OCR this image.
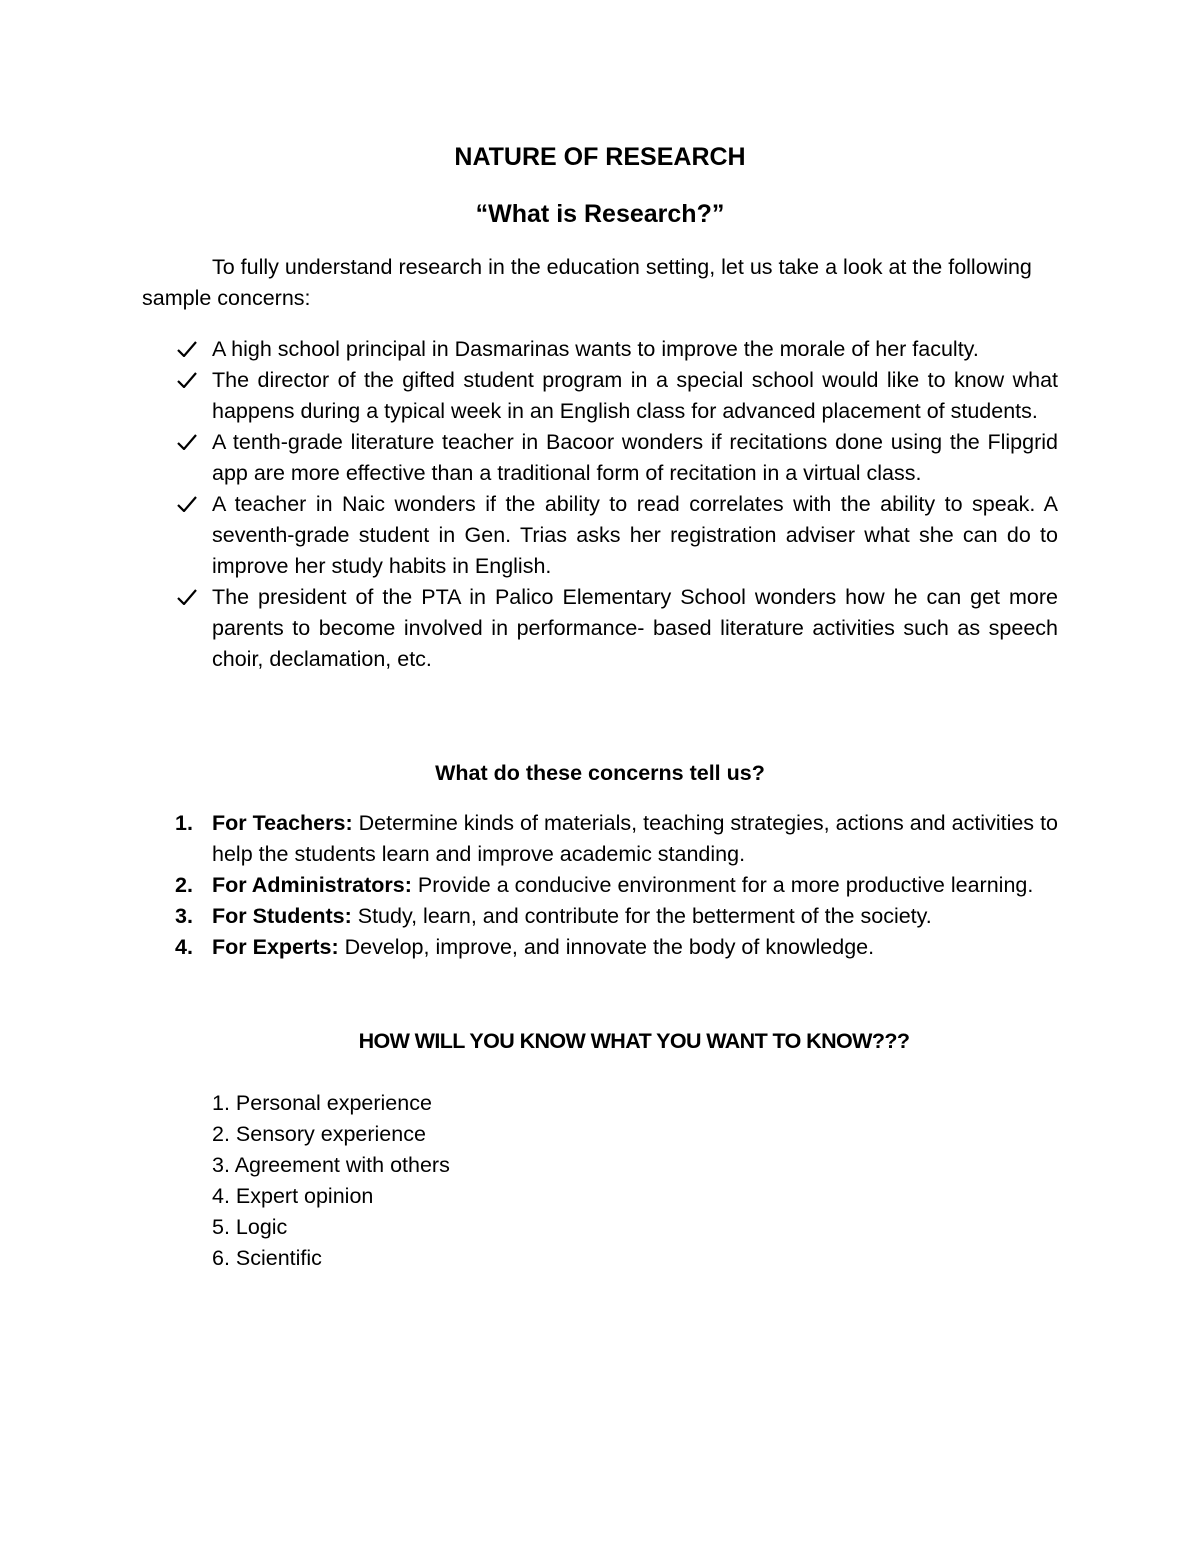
NATURE OF RESEARCH
“What is Research?”

To fully understand research in the education setting, let us take a look at the following sample concerns:

A high school principal in Dasmarinas wants to improve the morale of her faculty.
The director of the gifted student program in a special school would like to know what happens during a typical week in an English class for advanced placement of students.
A tenth-grade literature teacher in Bacoor wonders if recitations done using the Flipgrid app are more effective than a traditional form of recitation in a virtual class.
A teacher in Naic wonders if the ability to read correlates with the ability to speak. A seventh-grade student in Gen. Trias asks her registration adviser what she can do to improve her study habits in English.
The president of the PTA in Palico Elementary School wonders how he can get more parents to become involved in performance- based literature activities such as speech choir, declamation, etc.
What do these concerns tell us?
1. For Teachers: Determine kinds of materials, teaching strategies, actions and activities to help the students learn and improve academic standing.
2. For Administrators: Provide a conducive environment for a more productive learning.
3. For Students: Study, learn, and contribute for the betterment of the society.
4. For Experts: Develop, improve, and innovate the body of knowledge.
HOW WILL YOU KNOW WHAT YOU WANT TO KNOW???
1. Personal experience
2. Sensory experience
3. Agreement with others
4. Expert opinion
5. Logic
6. Scientific
